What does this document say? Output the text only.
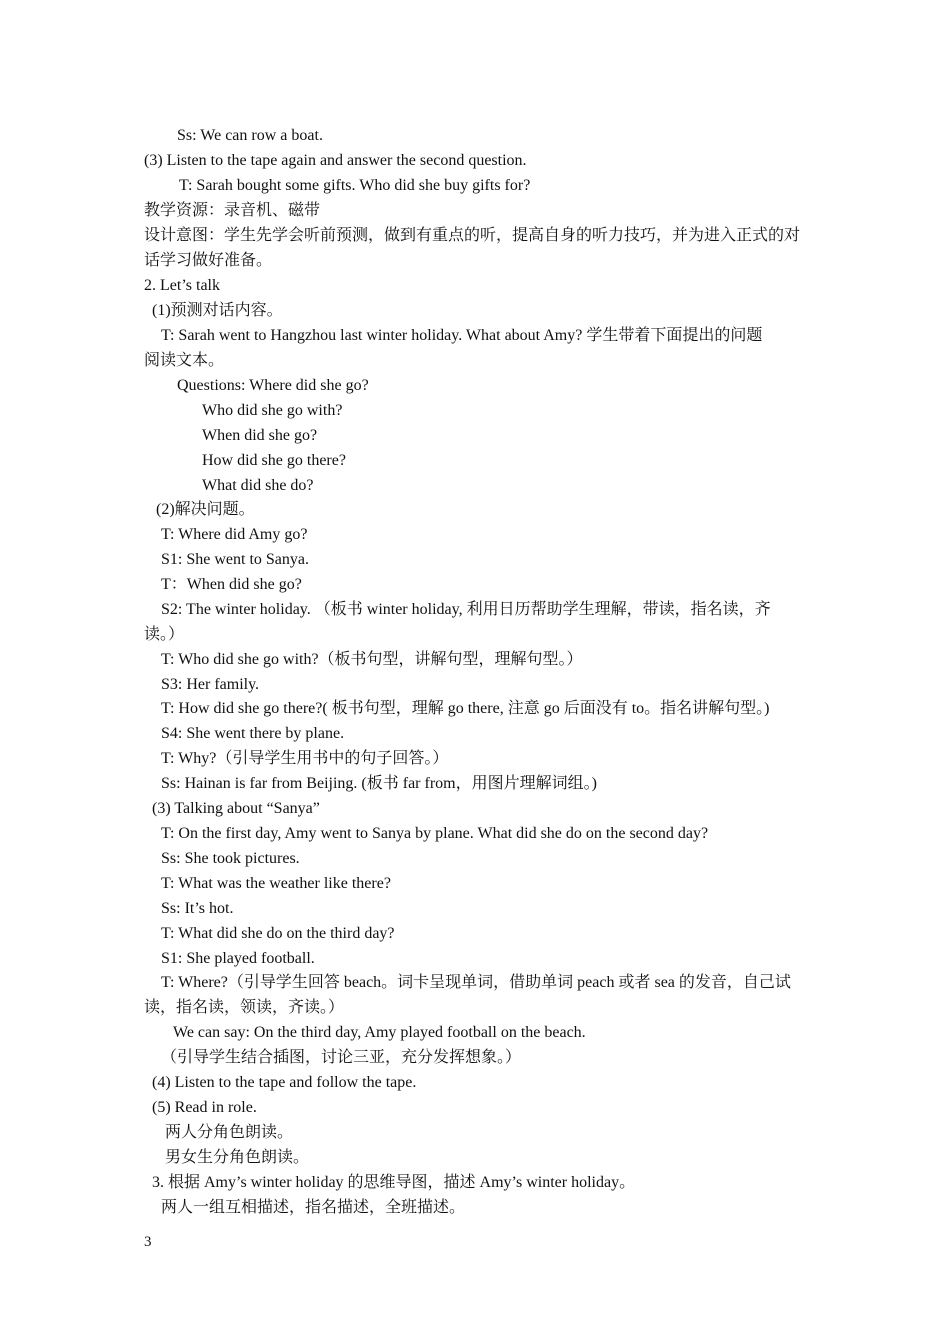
Ss: We can row a boat.
(3) Listen to the tape again and answer the second question.
T: Sarah bought some gifts. Who did she buy gifts for?
教学资源：录音机、磁带
设计意图：学生先学会听前预测，做到有重点的听，提高自身的听力技巧，并为进入正式的对
话学习做好准备。
2. Let’s talk
(1)预测对话内容。
T: Sarah went to Hangzhou last winter holiday. What about Amy? 学生带着下面提出的问题
阅读文本。
Questions: Where did she go?
Who did she go with?
When did she go?
How did she go there?
What did she do?
(2)解决问题。
T: Where did Amy go?
S1: She went to Sanya.
T：When did she go?
S2: The winter holiday. （板书 winter holiday, 利用日历帮助学生理解，带读，指名读，齐
读。）
T: Who did she go with?（板书句型，讲解句型，理解句型。）
S3: Her family.
T: How did she go there?( 板书句型，理解 go there, 注意 go 后面没有 to。指名讲解句型。)
S4: She went there by plane.
T: Why?（引导学生用书中的句子回答。）
Ss: Hainan is far from Beijing. (板书 far from，用图片理解词组。)
(3) Talking about “Sanya”
T: On the first day, Amy went to Sanya by plane. What did she do on the second day?
Ss: She took pictures.
T: What was the weather like there?
Ss: It’s hot.
T: What did she do on the third day?
S1: She played football.
T: Where?（引导学生回答 beach。词卡呈现单词，借助单词 peach 或者 sea 的发音，自己试
读，指名读，领读，齐读。）
We can say: On the third day, Amy played football on the beach.
（引导学生结合插图，讨论三亚，充分发挥想象。）
(4) Listen to the tape and follow the tape.
(5) Read in role.
两人分角色朗读。
男女生分角色朗读。
3. 根据 Amy’s winter holiday 的思维导图，描述 Amy’s winter holiday。
两人一组互相描述，指名描述，全班描述。
3
